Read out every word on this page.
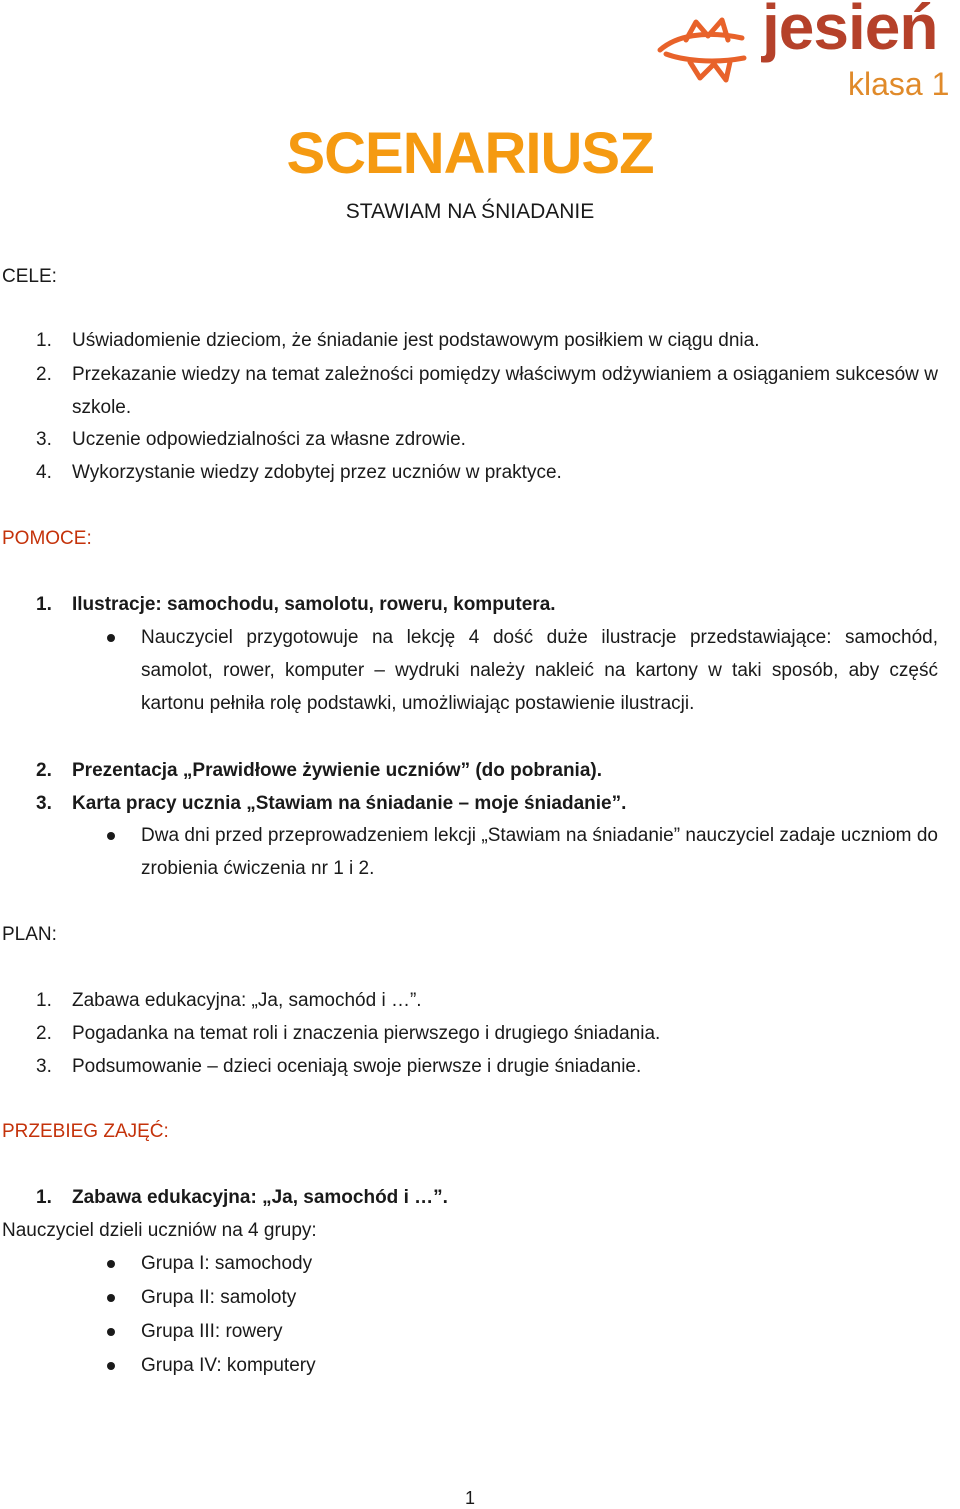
jesień
klasa 1
SCENARIUSZ
STAWIAM NA ŚNIADANIE
CELE:
1. Uświadomienie dzieciom, że śniadanie jest podstawowym posiłkiem w ciągu dnia.
2. Przekazanie wiedzy na temat zależności pomiędzy właściwym odżywianiem a osiąganiem sukcesów w szkole.
3. Uczenie odpowiedzialności za własne zdrowie.
4. Wykorzystanie wiedzy zdobytej przez uczniów w praktyce.
POMOCE:
1. Ilustracje: samochodu, samolotu, roweru, komputera.
Nauczyciel przygotowuje na lekcję 4 dość duże ilustracje przedstawiające: samochód, samolot, rower, komputer – wydruki należy nakleić na kartony w taki sposób, aby część kartonu pełniła rolę podstawki, umożliwiając postawienie ilustracji.
2. Prezentacja „Prawidłowe żywienie uczniów” (do pobrania).
3. Karta pracy ucznia „Stawiam na śniadanie – moje śniadanie”.
Dwa dni przed przeprowadzeniem lekcji „Stawiam na śniadanie” nauczyciel zadaje uczniom do zrobienia ćwiczenia nr 1 i 2.
PLAN:
1. Zabawa edukacyjna: „Ja, samochód i …”.
2. Pogadanka na temat roli i znaczenia pierwszego i drugiego śniadania.
3. Podsumowanie – dzieci oceniają swoje pierwsze i drugie śniadanie.
PRZEBIEG ZAJĘĆ:
1. Zabawa edukacyjna: „Ja, samochód i …”.
Nauczyciel dzieli uczniów na 4 grupy:
Grupa I: samochody
Grupa II: samoloty
Grupa III: rowery
Grupa IV: komputery
1
